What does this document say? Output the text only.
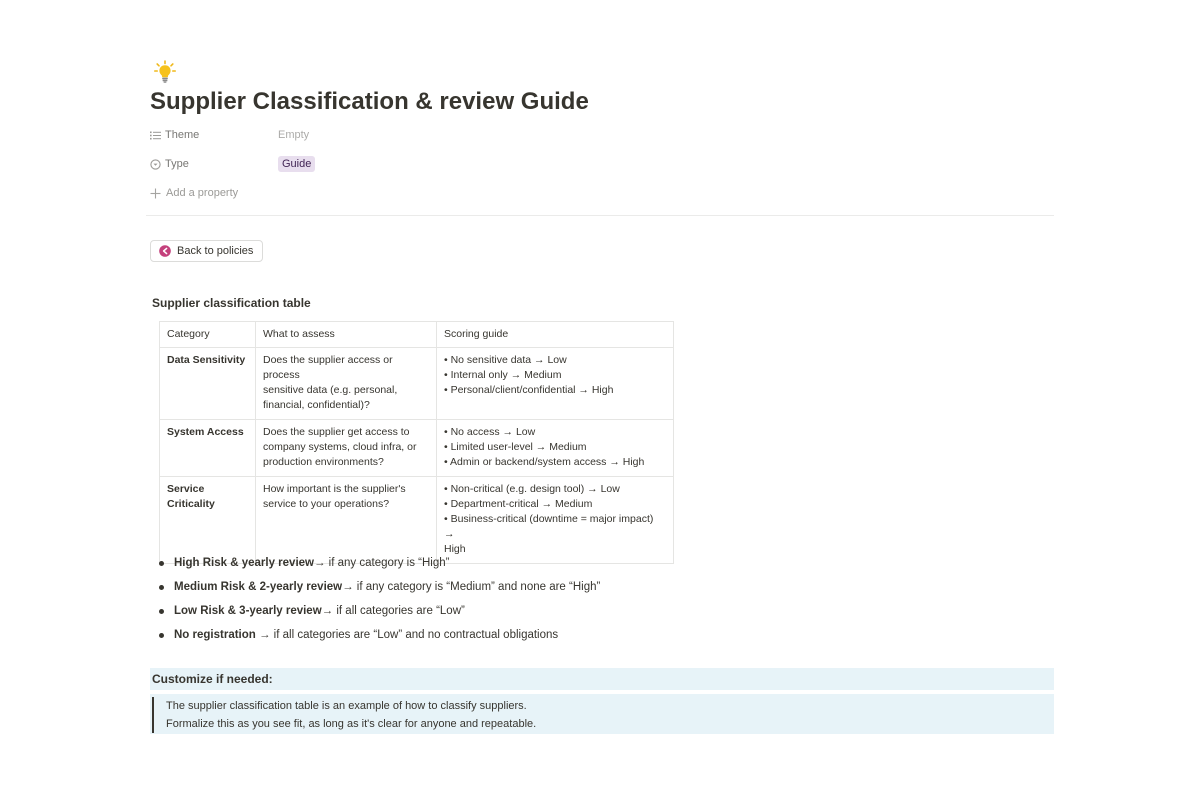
Supplier Classification & review Guide
Theme	Empty
Type	Guide
Add a property
Back to policies
Supplier classification table
Category	What to assess	Scoring guide
Data Sensitivity	Does the supplier access or process
sensitive data (e.g. personal,
financial, confidential)?	• No sensitive data → Low
• Internal only → Medium
• Personal/client/confidential → High

System Access	Does the supplier get access to
company systems, cloud infra, or
production environments?	• No access → Low
• Limited user-level → Medium
• Admin or backend/system access → High

Service Criticality	How important is the supplier's
service to your operations?	• Non-critical (e.g. design tool) → Low
• Department-critical → Medium
• Business-critical (downtime = major impact) →
High
High Risk & yearly review → if any category is “High”
Medium Risk & 2-yearly review → if any category is “Medium” and none are “High”
Low Risk & 3-yearly review → if all categories are “Low”
No registration → if all categories are “Low” and no contractual obligations
Customize if needed:
The supplier classification table is an example of how to classify suppliers.
Formalize this as you see fit, as long as it's clear for anyone and repeatable.
